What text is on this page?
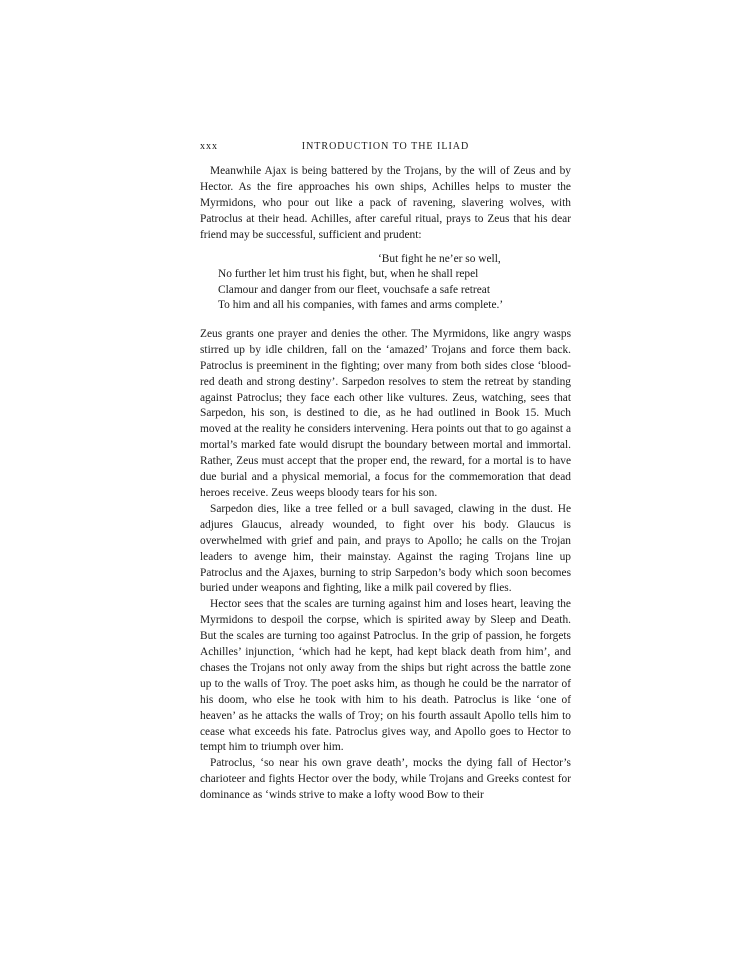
xxx	INTRODUCTION TO THE ILIAD

Meanwhile Ajax is being battered by the Trojans, by the will of Zeus and by Hector. As the fire approaches his own ships, Achilles helps to muster the Myrmidons, who pour out like a pack of ravening, slavering wolves, with Patroclus at their head. Achilles, after careful ritual, prays to Zeus that his dear friend may be successful, sufficient and prudent:

‘But fight he ne’er so well,
No further let him trust his fight, but, when he shall repel
Clamour and danger from our fleet, vouchsafe a safe retreat
To him and all his companies, with fames and arms complete.’

Zeus grants one prayer and denies the other. The Myrmidons, like angry wasps stirred up by idle children, fall on the ‘amazed’ Trojans and force them back. Patroclus is preeminent in the fighting; over many from both sides close ‘blood-red death and strong destiny’. Sarpedon resolves to stem the retreat by standing against Patroclus; they face each other like vultures. Zeus, watching, sees that Sarpedon, his son, is destined to die, as he had outlined in Book 15. Much moved at the reality he considers intervening. Hera points out that to go against a mortal’s marked fate would disrupt the boundary between mortal and immortal. Rather, Zeus must accept that the proper end, the reward, for a mortal is to have due burial and a physical memorial, a focus for the commemoration that dead heroes receive. Zeus weeps bloody tears for his son.

Sarpedon dies, like a tree felled or a bull savaged, clawing in the dust. He adjures Glaucus, already wounded, to fight over his body. Glaucus is overwhelmed with grief and pain, and prays to Apollo; he calls on the Trojan leaders to avenge him, their mainstay. Against the raging Trojans line up Patroclus and the Ajaxes, burning to strip Sarpedon’s body which soon becomes buried under weapons and fighting, like a milk pail covered by flies.

Hector sees that the scales are turning against him and loses heart, leaving the Myrmidons to despoil the corpse, which is spirited away by Sleep and Death. But the scales are turning too against Patroclus. In the grip of passion, he forgets Achilles’ injunction, ‘which had he kept, had kept black death from him’, and chases the Trojans not only away from the ships but right across the battle zone up to the walls of Troy. The poet asks him, as though he could be the narrator of his doom, who else he took with him to his death. Patroclus is like ‘one of heaven’ as he attacks the walls of Troy; on his fourth assault Apollo tells him to cease what exceeds his fate. Patroclus gives way, and Apollo goes to Hector to tempt him to triumph over him.

Patroclus, ‘so near his own grave death’, mocks the dying fall of Hector’s charioteer and fights Hector over the body, while Trojans and Greeks contest for dominance as ‘winds strive to make a lofty wood Bow to their
